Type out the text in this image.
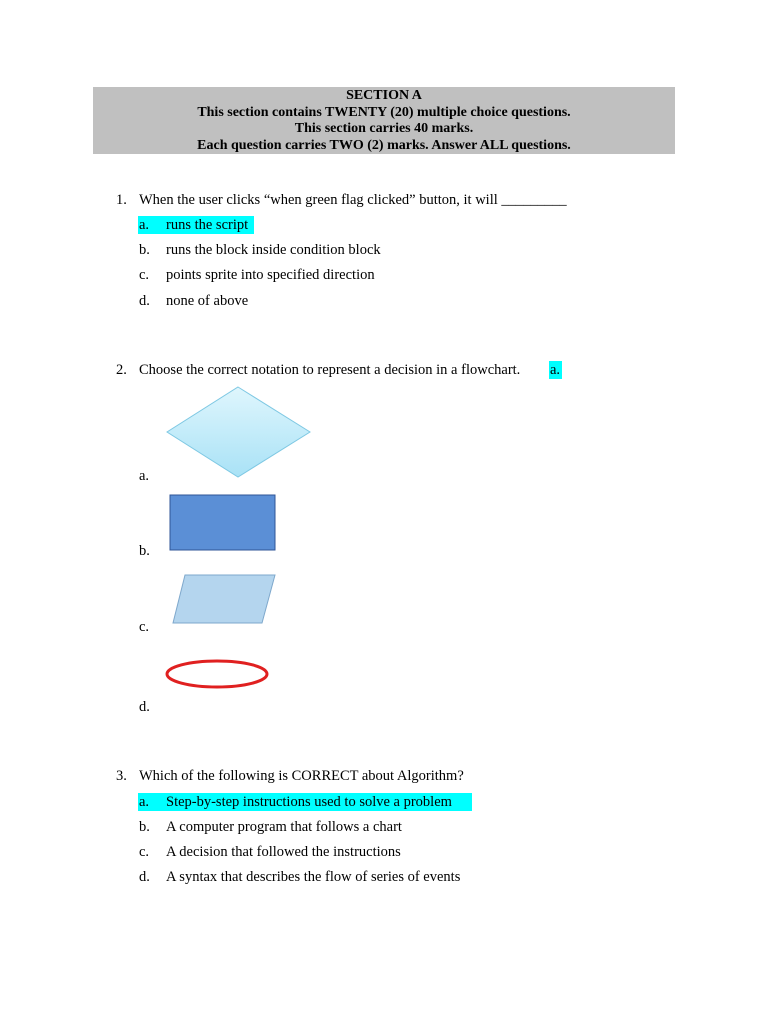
SECTION A
This section contains TWENTY (20) multiple choice questions.
This section carries 40 marks.
Each question carries TWO (2) marks. Answer ALL questions.
1. When the user clicks “when green flag clicked” button, it will _________
a. runs the script
b. runs the block inside condition block
c. points sprite into specified direction
d. none of above
2. Choose the correct notation to represent a decision in a flowchart. a.
a.
b.
c.
d.
3. Which of the following is CORRECT about Algorithm?
a. Step-by-step instructions used to solve a problem
b. A computer program that follows a chart
c. A decision that followed the instructions
d. A syntax that describes the flow of series of events
